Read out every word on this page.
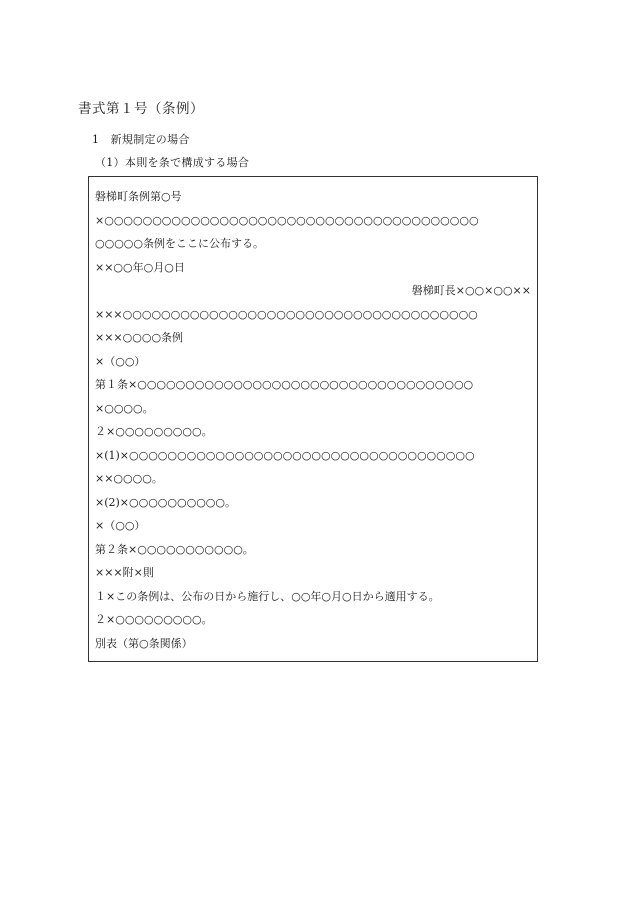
書式第１号（条例）
1　新規制定の場合
（1）本則を条で構成する場合
磐梯町条例第○号
×○○○○○○○○○○○○○○○○○○○○○○○○○○○○○○○○○○○○○○○
○○○○○条例をここに公布する。
××○○年○月○日
磐梯町長×○○×○○××
×××○○○○○○○○○○○○○○○○○○○○○○○○○○○○○○○○○○○○○
×××○○○○条例
×（○○）
第１条×○○○○○○○○○○○○○○○○○○○○○○○○○○○○○○○○○○○
×○○○○。
２×○○○○○○○○○。
×(1)×○○○○○○○○○○○○○○○○○○○○○○○○○○○○○○○○○○○○
××○○○○。
×(2)×○○○○○○○○○○。
×（○○）
第２条×○○○○○○○○○○○。
×××附×則
１×この条例は、公布の日から施行し、○○年○月○日から適用する。
２×○○○○○○○○○。
別表（第○条関係）
